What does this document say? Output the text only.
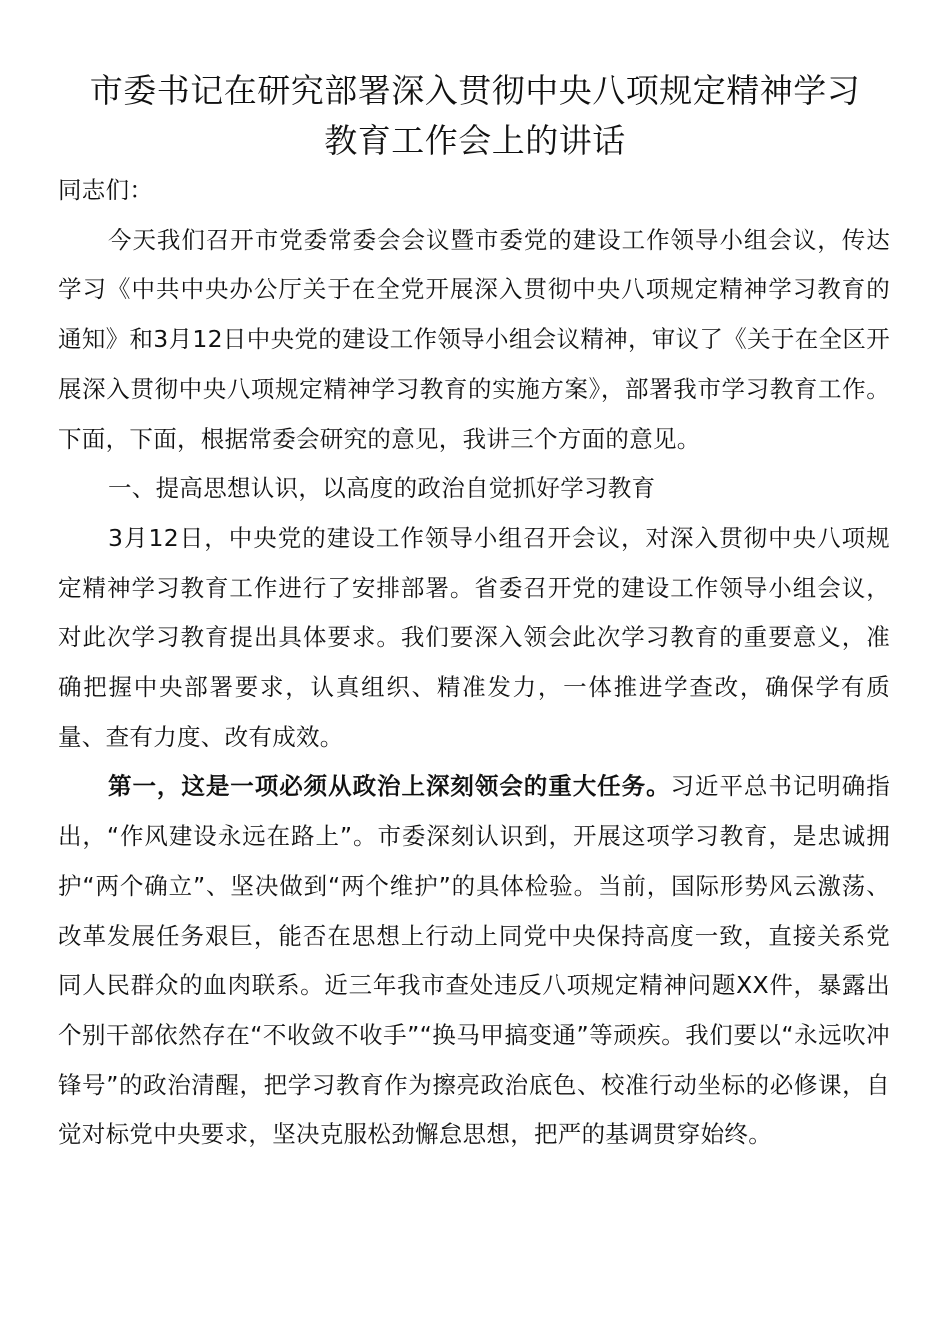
市委书记在研究部署深入贯彻中央八项规定精神学习
教育工作会上的讲话

同志们：

今天我们召开市党委常委会会议暨市委党的建设工作领导小组会议，传达学习《中共中央办公厅关于在全党开展深入贯彻中央八项规定精神学习教育的通知》和3月12日中央党的建设工作领导小组会议精神，审议了《关于在全区开展深入贯彻中央八项规定精神学习教育的实施方案》，部署我市学习教育工作。下面，下面，根据常委会研究的意见，我讲三个方面的意见。

一、提高思想认识，以高度的政治自觉抓好学习教育

3月12日，中央党的建设工作领导小组召开会议，对深入贯彻中央八项规定精神学习教育工作进行了安排部署。省委召开党的建设工作领导小组会议，对此次学习教育提出具体要求。我们要深入领会此次学习教育的重要意义，准确把握中央部署要求，认真组织、精准发力，一体推进学查改，确保学有质量、查有力度、改有成效。

第一，这是一项必须从政治上深刻领会的重大任务。习近平总书记明确指出，“作风建设永远在路上”。市委深刻认识到，开展这项学习教育，是忠诚拥护“两个确立”、坚决做到“两个维护”的具体检验。当前，国际形势风云激荡、改革发展任务艰巨，能否在思想上行动上同党中央保持高度一致，直接关系党同人民群众的血肉联系。近三年我市查处违反八项规定精神问题XX件，暴露出个别干部依然存在“不收敛不收手”“换马甲搞变通”等顽疾。我们要以“永远吹冲锋号”的政治清醒，把学习教育作为擦亮政治底色、校准行动坐标的必修课，自觉对标党中央要求，坚决克服松劲懈怠思想，把严的基调贯穿始终。
